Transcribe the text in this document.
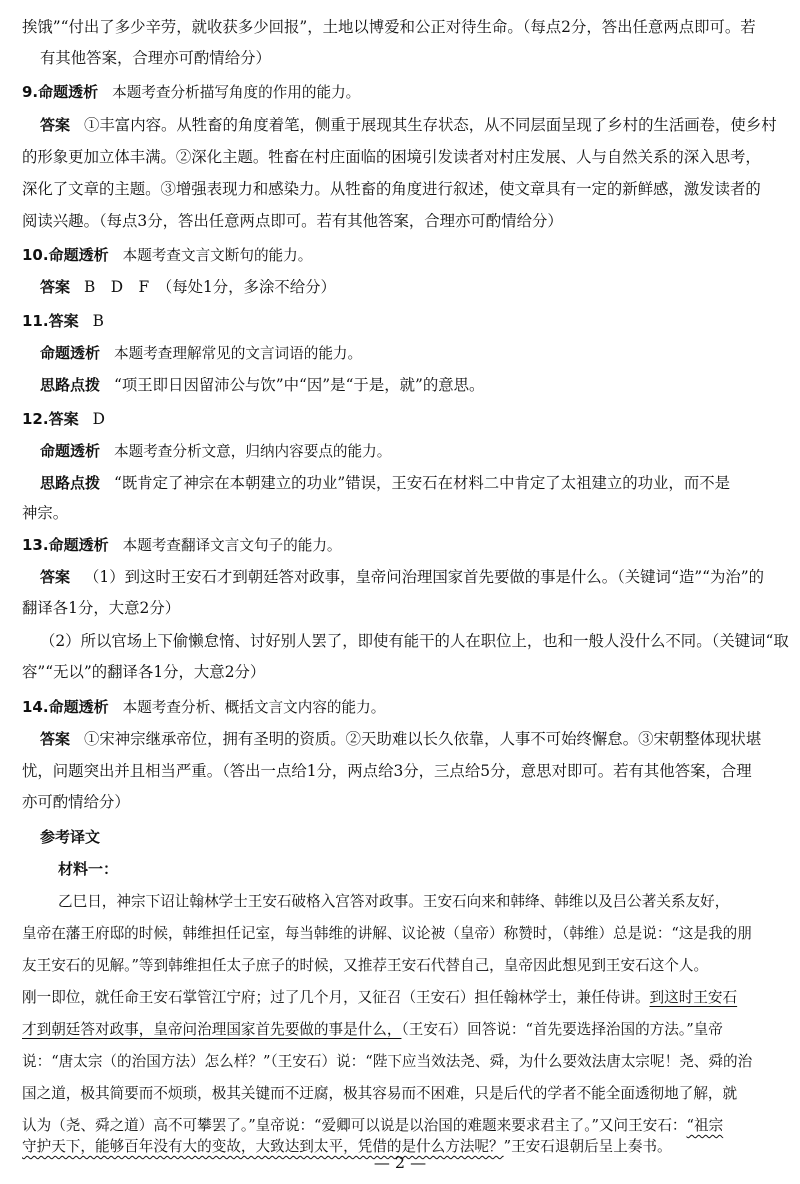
挨饿”“付出了多少辛劳，就收获多少回报”，土地以博爱和公正对待生命。（每点2分，答出任意两点即可。若
有其他答案，合理亦可酌情给分）
9.命题透析 本题考查分析描写角度的作用的能力。
答案 ①丰富内容。从牲畜的角度着笔，侧重于展现其生存状态，从不同层面呈现了乡村的生活画卷，使乡村
的形象更加立体丰满。②深化主题。牲畜在村庄面临的困境引发读者对村庄发展、人与自然关系的深入思考，
深化了文章的主题。③增强表现力和感染力。从牲畜的角度进行叙述，使文章具有一定的新鲜感，激发读者的
阅读兴趣。（每点3分，答出任意两点即可。若有其他答案，合理亦可酌情给分）
10.命题透析 本题考查文言文断句的能力。
答案 B　D　F　（每处1分，多涂不给分）
11.答案 B
命题透析 本题考查理解常见的文言词语的能力。
思路点拨 “项王即日因留沛公与饮”中“因”是“于是，就”的意思。
12.答案 D
命题透析 本题考查分析文意，归纳内容要点的能力。
思路点拨 “既肯定了神宗在本朝建立的功业”错误，王安石在材料二中肯定了太祖建立的功业，而不是
神宗。
13.命题透析 本题考查翻译文言文句子的能力。
答案 （1）到这时王安石才到朝廷答对政事，皇帝问治理国家首先要做的事是什么。（关键词“造”“为治”的
翻译各1分，大意2分）
（2）所以官场上下偷懒怠惰、讨好别人罢了，即使有能干的人在职位上，也和一般人没什么不同。（关键词“取
容”“无以”的翻译各1分，大意2分）
14.命题透析 本题考查分析、概括文言文内容的能力。
答案 ①宋神宗继承帝位，拥有圣明的资质。②天助难以长久依靠，人事不可始终懈怠。③宋朝整体现状堪
忧，问题突出并且相当严重。（答出一点给1分，两点给3分，三点给5分，意思对即可。若有其他答案，合理
亦可酌情给分）
参考译文
材料一：
乙巳日，神宗下诏让翰林学士王安石破格入宫答对政事。王安石向来和韩绛、韩维以及吕公著关系友好，
皇帝在藩王府邸的时候，韩维担任记室，每当韩维的讲解、议论被（皇帝）称赞时，（韩维）总是说：“这是我的朋
友王安石的见解。”等到韩维担任太子庶子的时候，又推荐王安石代替自己，皇帝因此想见到王安石这个人。
刚一即位，就任命王安石掌管江宁府；过了几个月，又征召（王安石）担任翰林学士，兼任侍讲。到这时王安石
才到朝廷答对政事，皇帝问治理国家首先要做的事是什么，（王安石）回答说：“首先要选择治国的方法。”皇帝
说：“唐太宗（的治国方法）怎么样？”（王安石）说：“陛下应当效法尧、舜，为什么要效法唐太宗呢！尧、舜的治
国之道，极其简要而不烦琐，极其关键而不迂腐，极其容易而不困难，只是后代的学者不能全面透彻地了解，就
认为（尧、舜之道）高不可攀罢了。”皇帝说：“爱卿可以说是以治国的难题来要求君主了。”又问王安石：“祖宗
守护天下，能够百年没有大的变故，大致达到太平，凭借的是什么方法呢？”王安石退朝后呈上奏书。
— 2 —
